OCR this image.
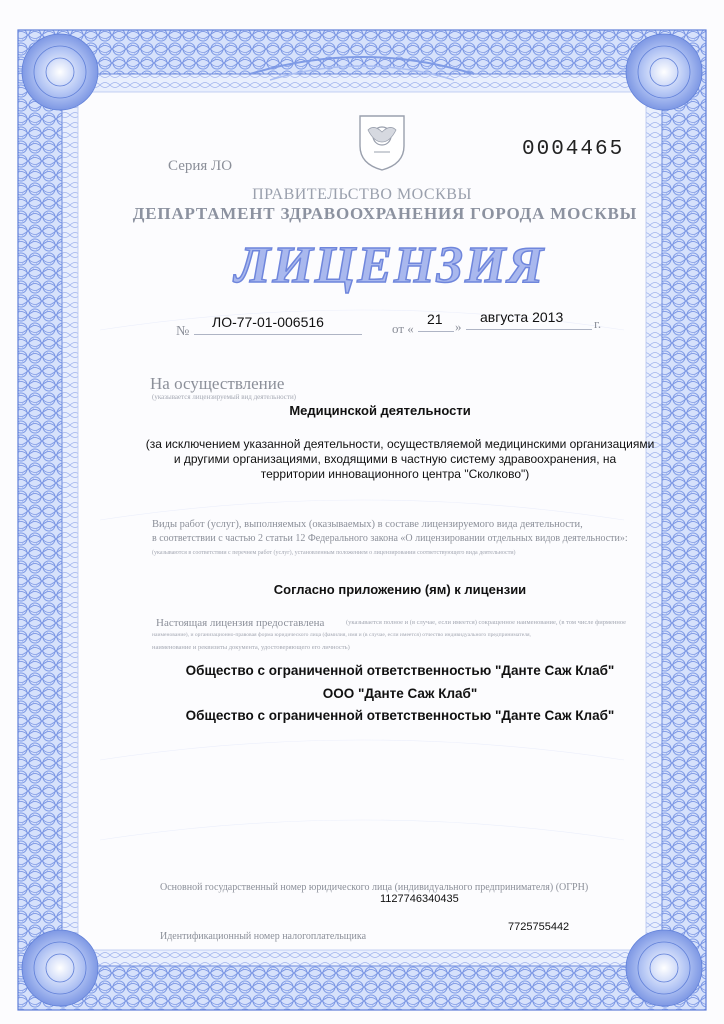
Серия ЛО
0004465
ПРАВИТЕЛЬСТВО МОСКВЫ
ДЕПАРТАМЕНТ ЗДРАВООХРАНЕНИЯ ГОРОДА МОСКВЫ
ЛИЦЕНЗИЯ
№
ЛО-77-01-006516	от «
21 »
августа 2013 г.
На осуществление
(указывается лицензируемый вид деятельности)
Медицинской деятельности
(за исключением указанной деятельности, осуществляемой медицинскими организациями
и другими организациями, входящими в частную систему здравоохранения, на
территории инновационного центра "Сколково")
Виды работ (услуг), выполняемых (оказываемых) в составе лицензируемого вида деятельности,
в соответствии с частью 2 статьи 12 Федерального закона «О лицензировании отдельных видов деятельности»:
(указываются в соответствии с перечнем работ (услуг), установленным положением о лицензировании соответствующего вида деятельности)
Согласно приложению (ям) к лицензии
Настоящая лицензия предоставлена	(указывается полное и (в случае, если имеется) сокращенное наименование, (в том числе фирменное
наименование), и организационно-правовая форма юридического лица (фамилия, имя и (в случае, если имеется) отчество индивидуального предпринимателя,
наименование и реквизиты документа, удостоверяющего его личность)
Общество с ограниченной ответственностью "Данте Саж Клаб"
ООО "Данте Саж Клаб"
Общество с ограниченной ответственностью "Данте Саж Клаб"
Основной государственный номер юридического лица (индивидуального предпринимателя) (ОГРН)
1127746340435
Идентификационный номер налогоплательщика
7725755442
